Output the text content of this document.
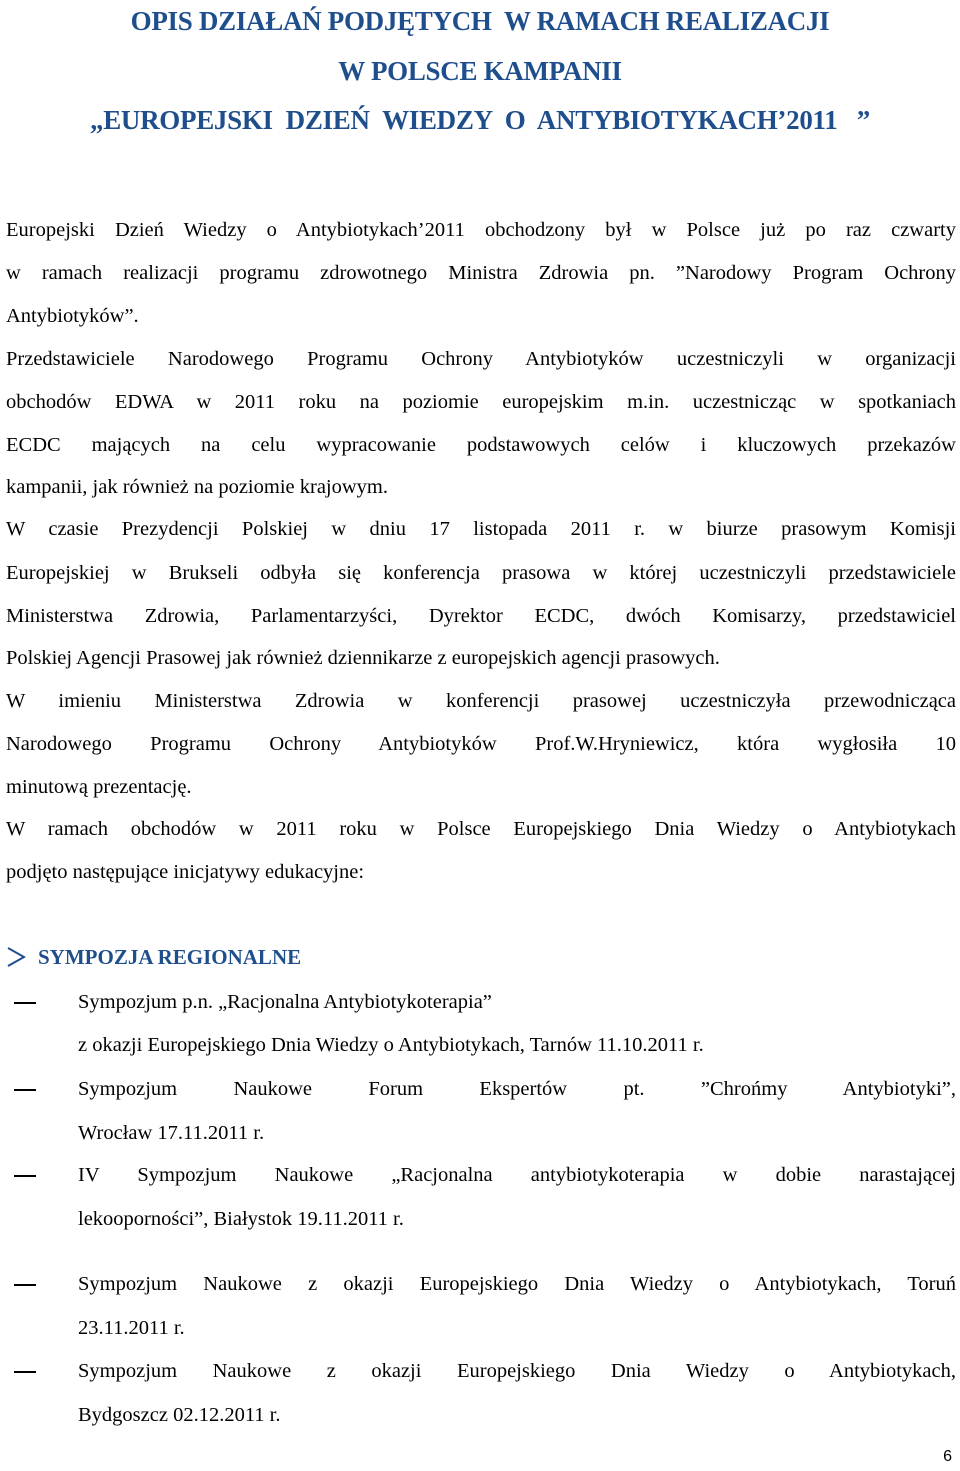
OPIS DZIAŁAŃ PODJĘTYCH  W RAMACH REALIZACJI
W POLSCE KAMPANII
„EUROPEJSKI  DZIEŃ  WIEDZY  O  ANTYBIOTYKACH’2011   ”
Europejski Dzień Wiedzy o Antybiotykach’2011 obchodzony był w Polsce już po raz czwarty
w ramach realizacji programu zdrowotnego Ministra Zdrowia pn. ”Narodowy Program Ochrony
Antybiotyków”.
Przedstawiciele Narodowego Programu Ochrony Antybiotyków uczestniczyli w organizacji
obchodów EDWA w 2011 roku na poziomie europejskim m.in. uczestnicząc w spotkaniach
ECDC mających na celu wypracowanie podstawowych celów i kluczowych przekazów
kampanii, jak również na poziomie krajowym.
W czasie Prezydencji Polskiej w dniu 17 listopada 2011 r. w biurze prasowym Komisji
Europejskiej w Brukseli odbyła się konferencja prasowa w której uczestniczyli przedstawiciele
Ministerstwa Zdrowia, Parlamentarzyści, Dyrektor ECDC, dwóch Komisarzy, przedstawiciel
Polskiej Agencji Prasowej jak również dziennikarze z europejskich agencji prasowych.
W imieniu Ministerstwa Zdrowia w konferencji prasowej uczestniczyła przewodnicząca
Narodowego Programu Ochrony Antybiotyków Prof.W.Hryniewicz, która wygłosiła 10
minutową prezentację.
W ramach obchodów w 2011 roku w Polsce Europejskiego Dnia Wiedzy o Antybiotykach
podjęto następujące inicjatywy edukacyjne:
SYMPOZJA REGIONALNE
Sympozjum p.n. „Racjonalna Antybiotykoterapia”
z okazji Europejskiego Dnia Wiedzy o Antybiotykach, Tarnów 11.10.2011 r.
Sympozjum Naukowe Forum Ekspertów pt. ”Chrońmy Antybiotyki”,
Wrocław 17.11.2011 r.
IV Sympozjum Naukowe „Racjonalna antybiotykoterapia w dobie narastającej
lekooporności”, Białystok 19.11.2011 r.
Sympozjum Naukowe z okazji Europejskiego Dnia Wiedzy o Antybiotykach, Toruń
23.11.2011 r.
Sympozjum Naukowe z okazji Europejskiego Dnia Wiedzy o Antybiotykach,
Bydgoszcz 02.12.2011 r.
6
